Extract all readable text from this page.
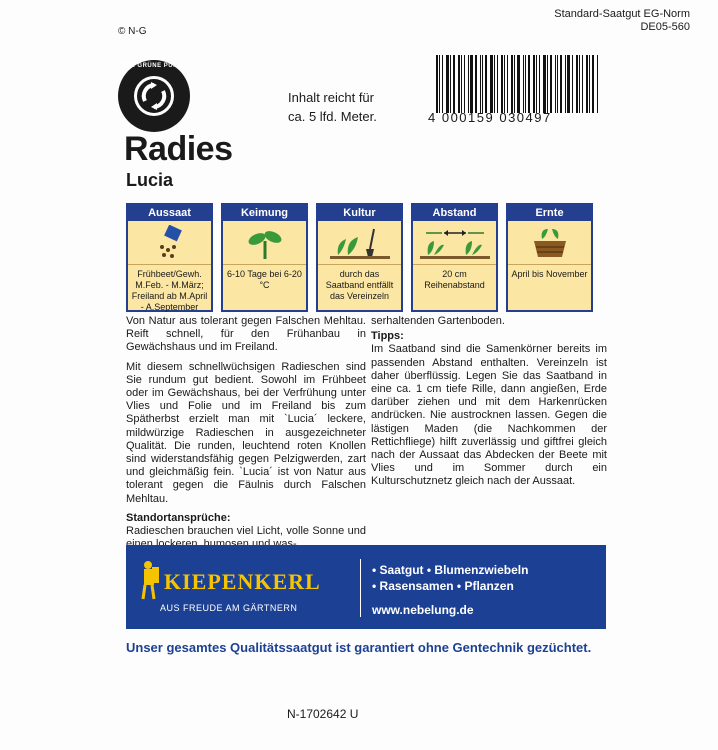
Standard-Saatgut EG-Norm
DE05-560
© N-G
DER GRÜNE PUNKT
Inhalt reicht für
ca. 5 lfd. Meter.	4 000159 030497
Radies
Lucia
Aussaat
Frühbeet/Gewh. M.Feb. - M.März; Freiland ab M.April - A.September
Keimung
6-10 Tage bei 6-20 °C
Kultur
durch das Saatband entfällt das Vereinzeln
Abstand
20 cm Reihenabstand
Ernte
April bis November

Von Natur aus tolerant gegen Falschen Mehltau. Reift schnell, für den Frühanbau in Gewächshaus und im Freiland.

Mit diesem schnellwüchsigen Radieschen sind Sie rundum gut bedient. Sowohl im Frühbeet oder im Gewächshaus, bei der Verfrühung unter Vlies und Folie und im Freiland bis zum Spätherbst erzielt man mit `Lucia´ leckere, mildwürzige Radieschen in ausgezeichneter Qualität. Die runden, leuchtend roten Knollen sind widerstandsfähig gegen Pelzigwerden, zart und gleichmäßig fein. `Lucia´ ist von Natur aus tolerant gegen die Fäulnis durch Falschen Mehltau.

Standortansprüche:
Radieschen brauchen viel Licht, volle Sonne und
serhaltenden Gartenboden.
Tipps:
Im Saatband sind die Samenkörner bereits im passenden Abstand enthalten. Vereinzeln ist daher überflüssig. Legen Sie das Saatband in eine ca. 1 cm tiefe Rille, dann angießen, Erde darüber ziehen und mit dem Harkenrücken andrücken. Nie austrocknen lassen. Gegen die lästigen Maden (die Nachkommen der Rettichfliege) hilft zuverlässig und giftfrei gleich nach der Aussaat das Abdecken der Beete mit Vlies und im Sommer durch ein Kulturschutznetz gleich nach der Aussaat.
KIEPENKERL
AUS FREUDE AM GÄRTNERN
• Saatgut • Blumenzwiebeln
• Rasensamen • Pflanzen
www.nebelung.de
Unser gesamtes Qualitätssaatgut ist garantiert ohne Gentechnik gezüchtet.
N-1702642 U
